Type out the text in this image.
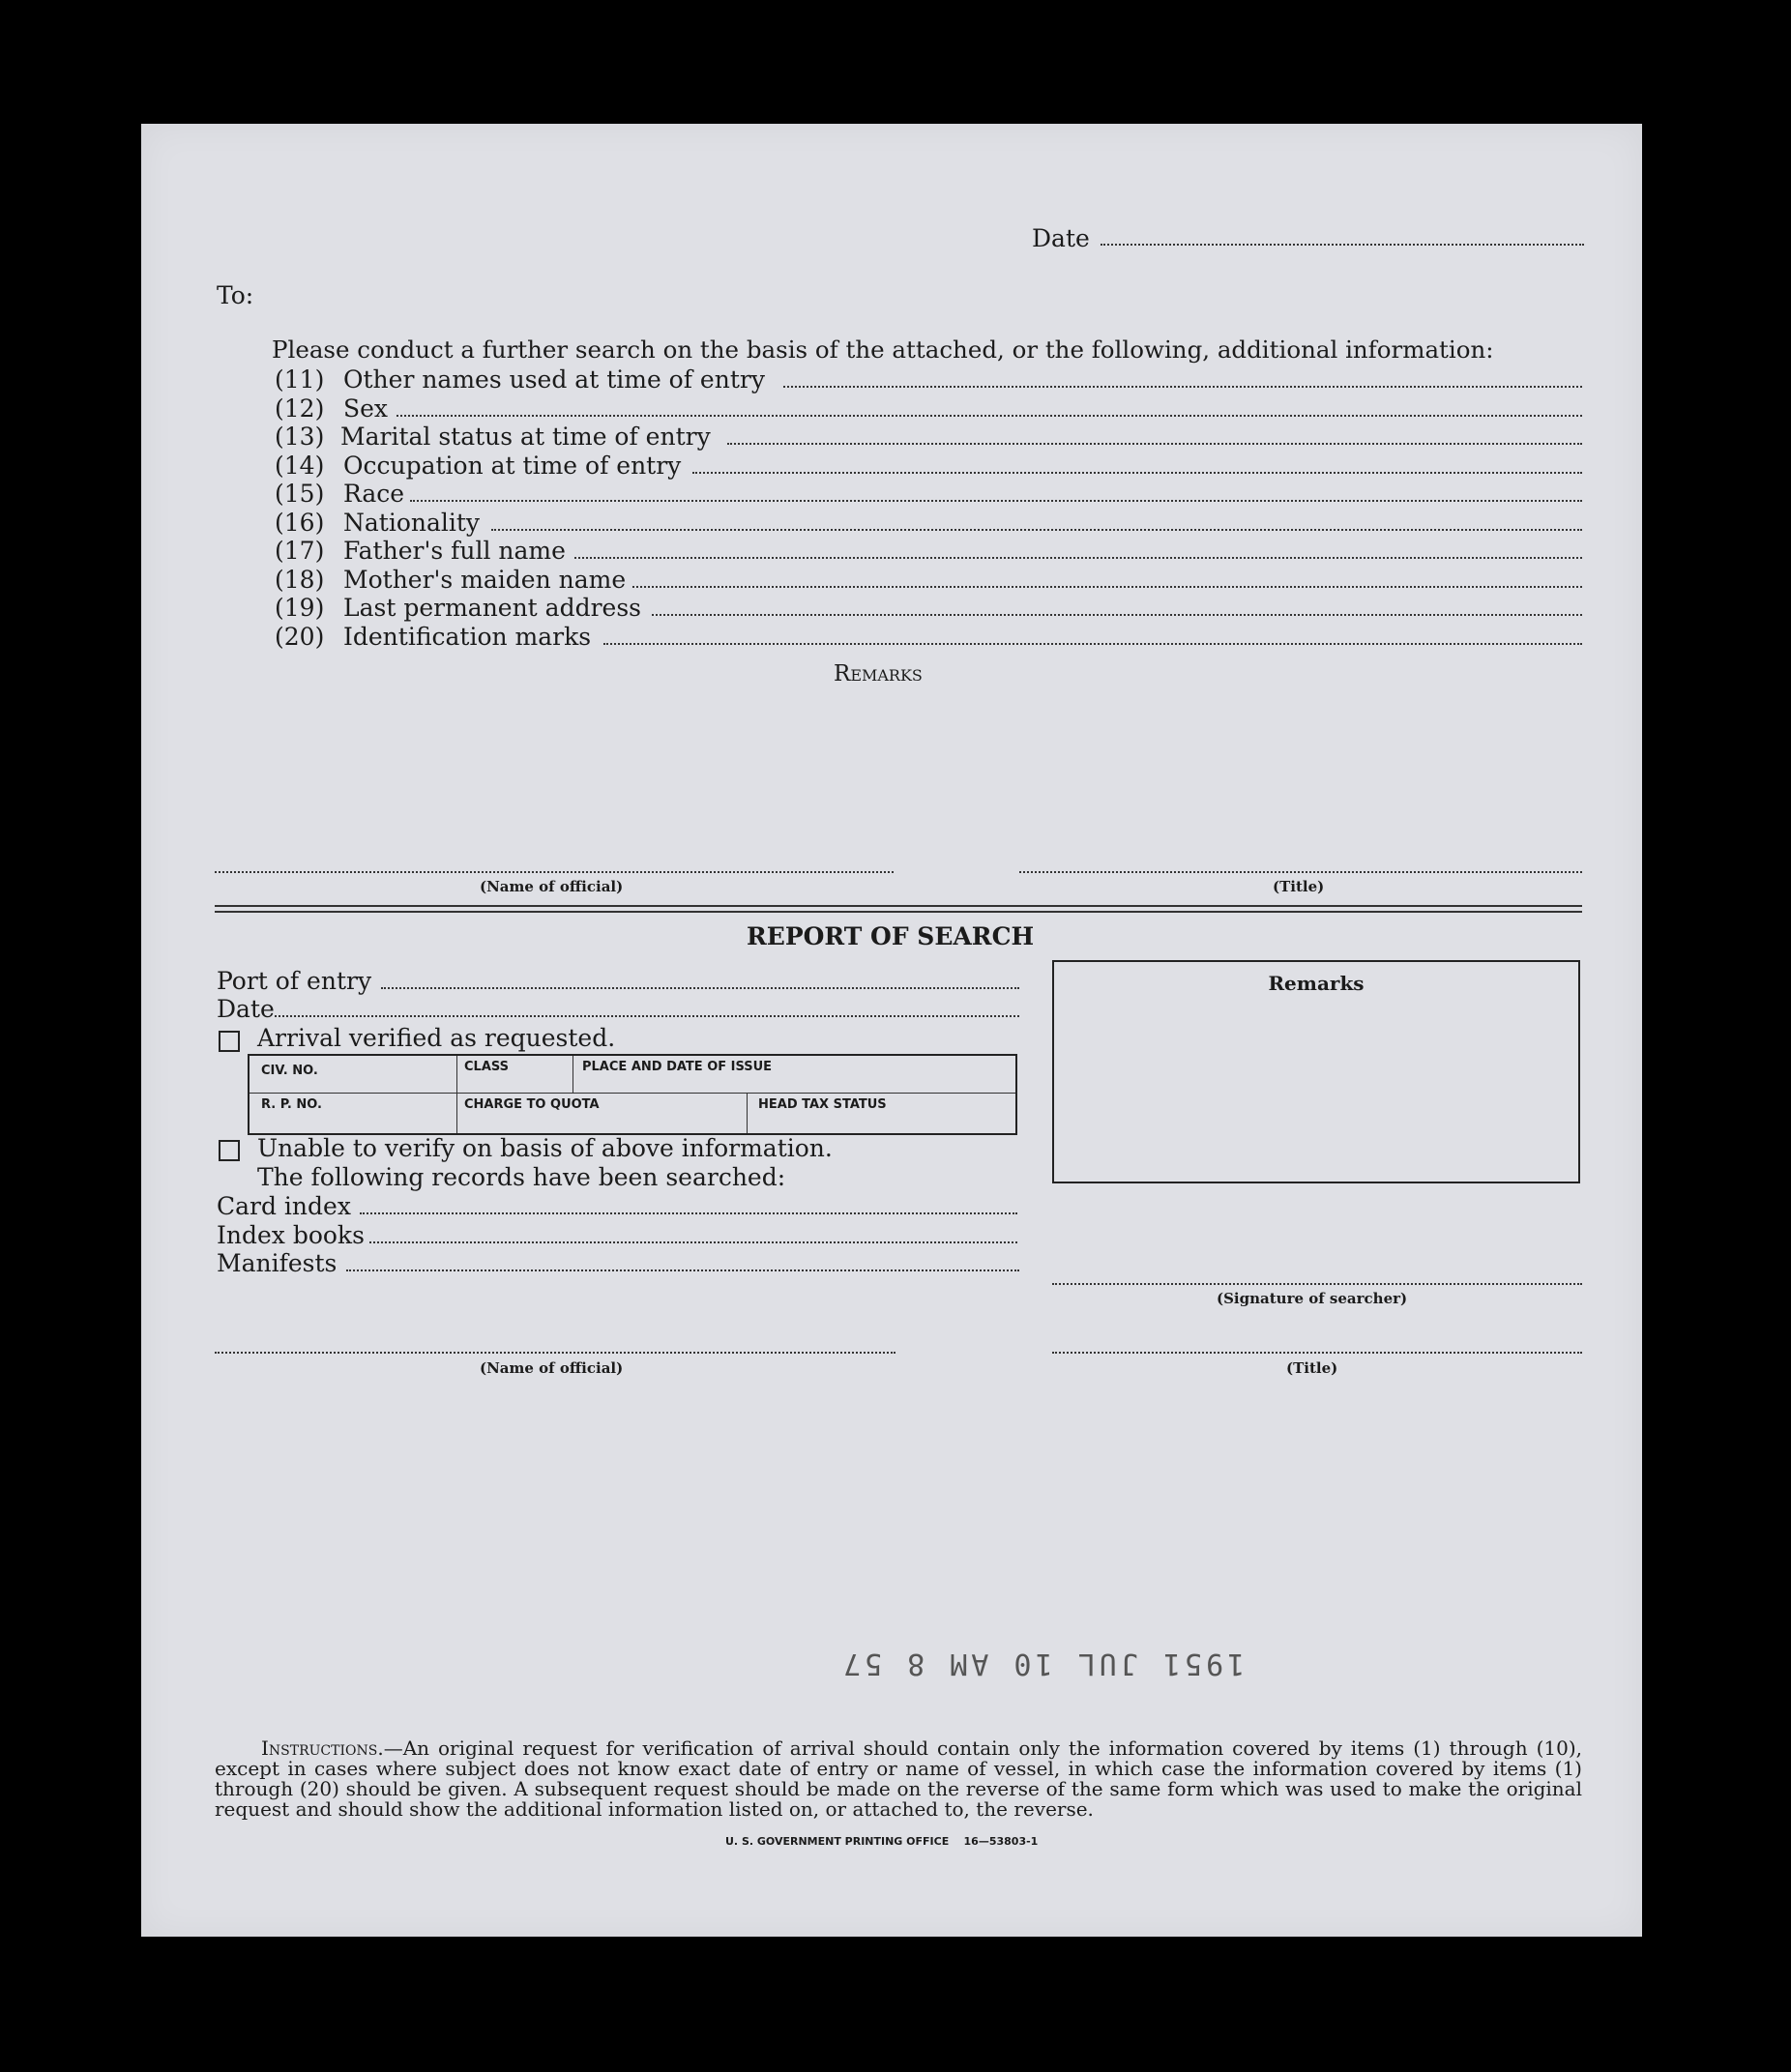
Date
To:
Please conduct a further search on the basis of the attached, or the following, additional information:
(11) Other names used at time of entry
(12) Sex
(13) Marital status at time of entry
(14) Occupation at time of entry
(15) Race
(16) Nationality
(17) Father's full name
(18) Mother's maiden name
(19) Last permanent address
(20) Identification marks
Remarks
(Name of official)	(Title)
REPORT OF SEARCH
Port of entry
Date
Arrival verified as requested.
CIV. NO.	CLASS	PLACE AND DATE OF ISSUE
R. P. NO.	CHARGE TO QUOTA	HEAD TAX STATUS
Unable to verify on basis of above information.
The following records have been searched:
Card index
Index books
Manifests
Remarks
(Signature of searcher)
(Name of official)	(Title)
1951 JUL 10 AM 8 57
Instructions.—An original request for verification of arrival should contain only the information covered by items (1) through (10), except in cases where subject does not know exact date of entry or name of vessel, in which case the information covered by items (1) through (20) should be given. A subsequent request should be made on the reverse of the same form which was used to make the original request and should show the additional information listed on, or attached to, the reverse.
U. S. GOVERNMENT PRINTING OFFICE    16—53803-1
